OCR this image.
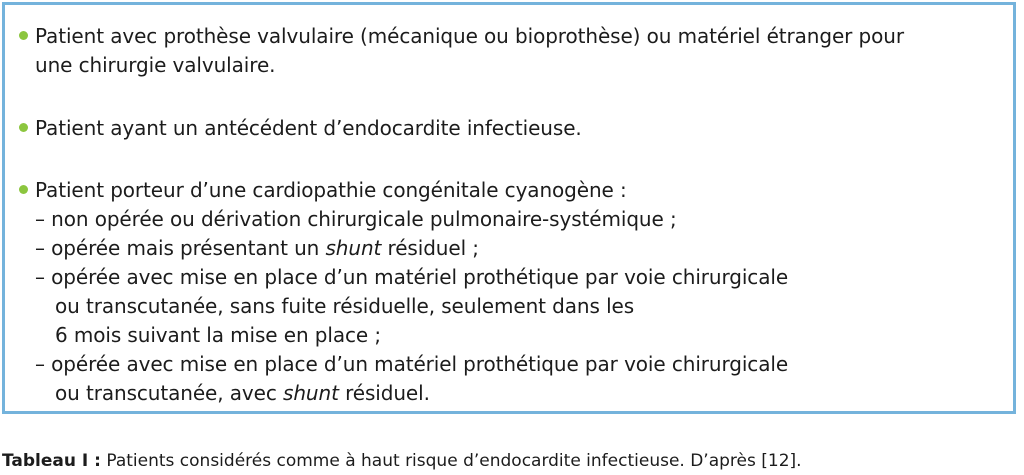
Patient avec prothèse valvulaire (mécanique ou bioprothèse) ou matériel étranger pour
une chirurgie valvulaire.
Patient ayant un antécédent d’endocardite infectieuse.
Patient porteur d’une cardiopathie congénitale cyanogène :
– non opérée ou dérivation chirurgicale pulmonaire-systémique ;
– opérée mais présentant un shunt résiduel ;
– opérée avec mise en place d’un matériel prothétique par voie chirurgicale
ou transcutanée, sans fuite résiduelle, seulement dans les
6 mois suivant la mise en place ;
– opérée avec mise en place d’un matériel prothétique par voie chirurgicale
ou transcutanée, avec shunt résiduel.
Tableau I : Patients considérés comme à haut risque d’endocardite infectieuse. D’après [12].
